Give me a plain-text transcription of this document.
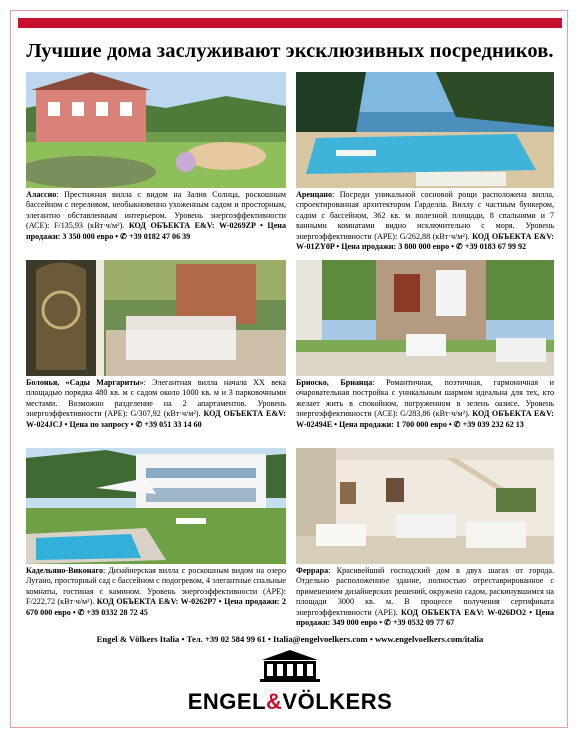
Лучшие дома заслуживают эксклюзивных посредников.
Алассио: Престижная вилла с видом на Залив Солнца, роскошным бассейном с переливом, необыкновенно ухоженным садом и просторным, элегантно обставленным интерьером. Уровень энергоэффективности (АСЕ): F/135,93 (кВт·ч/м²). КОД ОБЪЕКТА E&V: W-0269ZP • Цена продажи: 3 350 000 евро • ✆ +39 0182 47 06 39
Аренцано: Посреди уникальной сосновой рощи расположена вилла, спроектированная архитектором Гарделла. Виллу с частным бункером, садом с бассейном, 362 кв. м полезной площади, 8 спальнями и 7 ванными комнатами видно исключительно с моря. Уровень энергоэффективности (АРЕ): G/262,88 (кВт·ч/м²). КОД ОБЪЕКТА E&V: W-01ZY0P • Цена продажи: 3 800 000 евро • ✆ +39 0183 67 99 92
Болонья, «Сады Маргариты»: Элегантная вилла начала XX века площадью порядка 480 кв. м с садом около 1000 кв. м и 3 парковочными местами. Возможно разделение на 2 апартаментов. Уровень энергоэффективности (АРЕ): G/307,92 (кВт·ч/м²). КОД ОБЪЕКТА E&V: W-024JCJ • Цена по запросу • ✆ +39 051 33 14 60
Бриоско, Брианца: Романтичная, поэтичная, гармоничная и очаровательная постройка с уникальным шармом идеальна для тех, кто желает жить в спокойном, погруженном в зелень оазисе. Уровень энергоэффективности (АСЕ): G/283,86 (кВт·ч/м²). КОД ОБЪЕКТА E&V: W-02494E • Цена продажи: 1 700 000 евро • ✆ +39 039 232 62 13
Кадельяно-Виконаго: Дизайнерская вилла с роскошным видом на озеро Лугано, просторный сад с бассейном с подогревом, 4 элегантные спальные комнаты, гостиная с камином. Уровень энергоэффективности (АРЕ): F/222,72 (кВт·ч/м²). КОД ОБЪЕКТА E&V: W-0262P7 • Цена продажи: 2 670 000 евро • ✆ +39 0332 28 72 45
Феррара: Красивейший господский дом в двух шагах от города. Отдельно расположенное здание, полностью отреставрированное с применением дизайнерских решений, окружено садом, раскинувшимся на площади 3000 кв. м. В процессе получения сертификата энергоэффективности (АРЕ). КОД ОБЪЕКТА E&V: W-026DO2 • Цена продажи: 349 000 евро • ✆ +39 0532 09 77 67
Engel & Völkers Italia • Тел. +39 02 584 99 61 • Italia@engelvoelkers.com • www.engelvoelkers.com/italia
ENGEL&VÖLKERS
